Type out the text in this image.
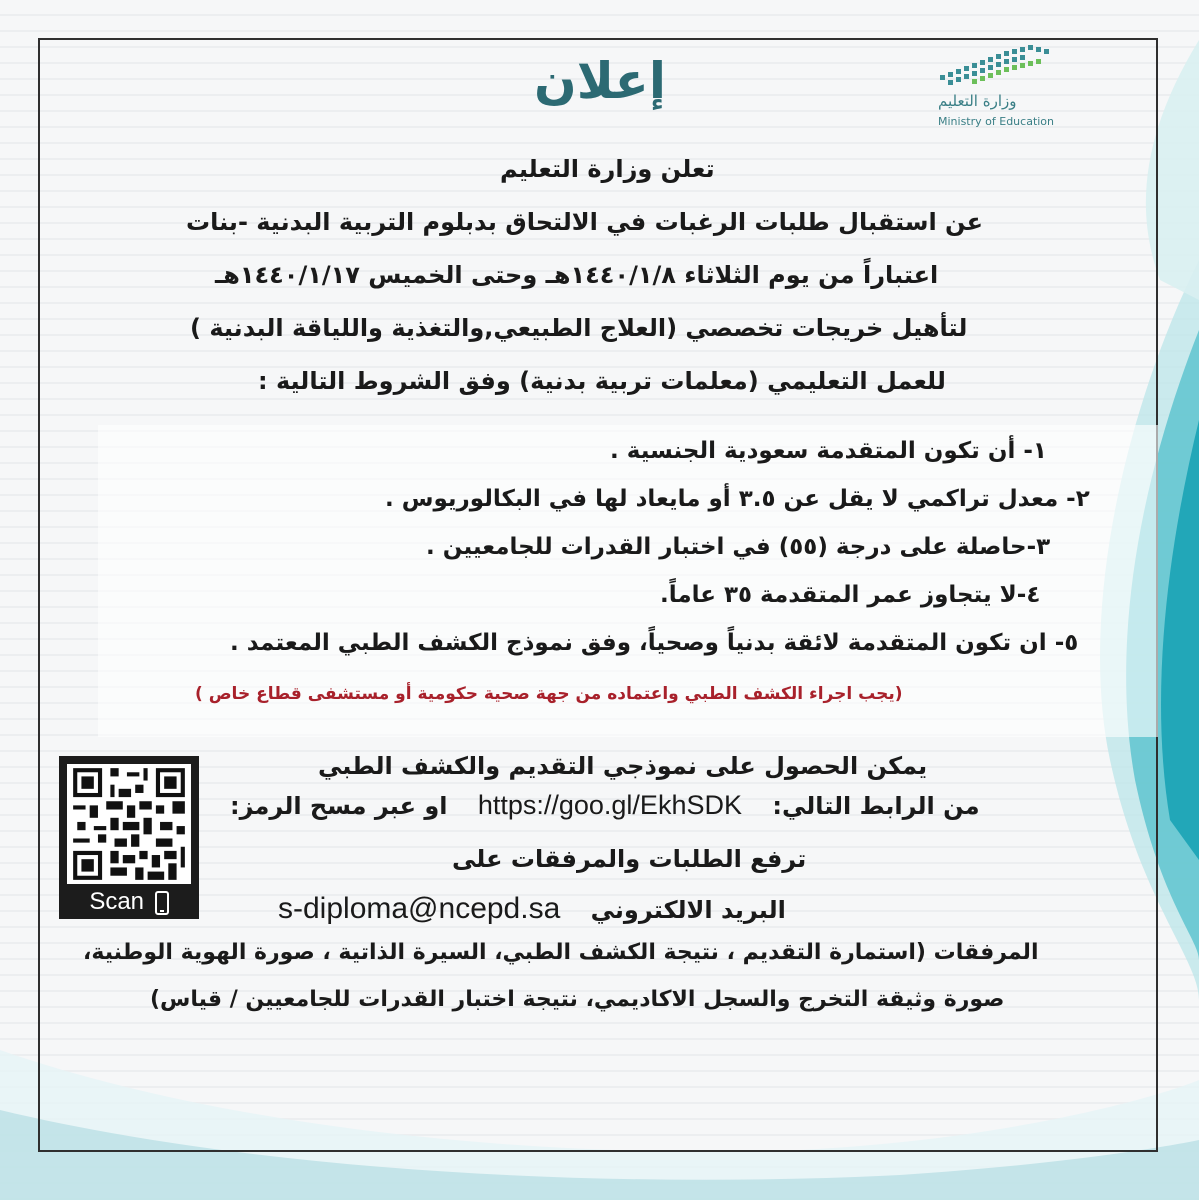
وزارة التعليم
Ministry of Education
إعلان
تعلن وزارة التعليم
عن استقبال طلبات الرغبات في الالتحاق بدبلوم التربية البدنية -بنات
اعتباراً من يوم الثلاثاء ١٤٤٠/١/٨هـ وحتى الخميس ١٤٤٠/١/١٧هـ
لتأهيل خريجات تخصصي (العلاج الطبيعي,والتغذية واللياقة البدنية )
للعمل التعليمي (معلمات تربية بدنية) وفق الشروط التالية :
١- أن تكون المتقدمة سعودية الجنسية .
٢- معدل تراكمي لا يقل عن ٣.٥ أو مايعاد لها في البكالوريوس .
٣-حاصلة على درجة (٥٥) في اختبار القدرات للجامعيين .
٤-لا يتجاوز عمر المتقدمة ٣٥ عاماً.
٥- ان تكون المتقدمة لائقة بدنياً وصحياً، وفق نموذج الكشف الطبي المعتمد .
(يجب اجراء الكشف الطبي واعتماده من جهة صحية حكومية أو مستشفى قطاع خاص )
Scan
يمكن الحصول على نموذجي التقديم والكشف الطبي
او عبر مسح الرمز: https://goo.gl/EkhSDK من الرابط التالي:
ترفع الطلبات والمرفقات على
s-diploma@ncepd.sa البريد الالكتروني
المرفقات (استمارة التقديم ، نتيجة الكشف الطبي، السيرة الذاتية ، صورة الهوية الوطنية،
صورة وثيقة التخرج والسجل الاكاديمي، نتيجة اختبار القدرات للجامعيين / قياس)
